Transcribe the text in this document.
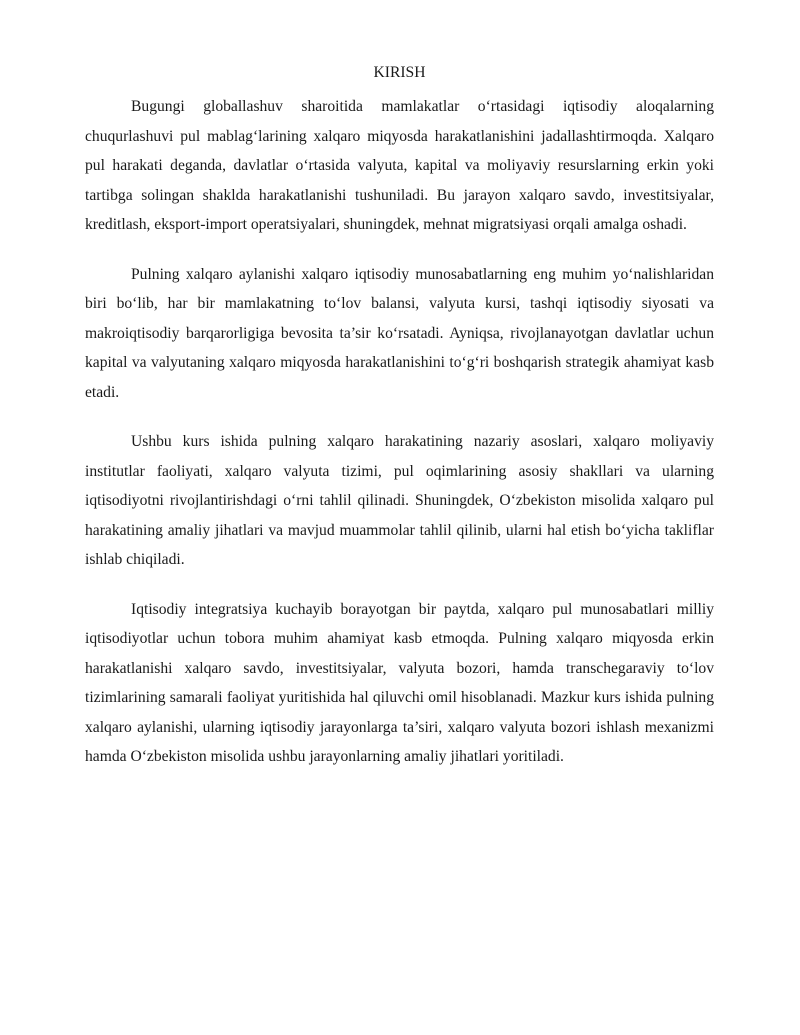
KIRISH

Bugungi globallashuv sharoitida mamlakatlar o‘rtasidagi iqtisodiy aloqalarning chuqurlashuvi pul mablag‘larining xalqaro miqyosda harakatlanishini jadallashtirmoqda. Xalqaro pul harakati deganda, davlatlar o‘rtasida valyuta, kapital va moliyaviy resurslarning erkin yoki tartibga solingan shaklda harakatlanishi tushuniladi. Bu jarayon xalqaro savdo, investitsiyalar, kreditlash, eksport-import operatsiyalari, shuningdek, mehnat migratsiyasi orqali amalga oshadi.

Pulning xalqaro aylanishi xalqaro iqtisodiy munosabatlarning eng muhim yo‘nalishlaridan biri bo‘lib, har bir mamlakatning to‘lov balansi, valyuta kursi, tashqi iqtisodiy siyosati va makroiqtisodiy barqarorligiga bevosita ta’sir ko‘rsatadi. Ayniqsa, rivojlanayotgan davlatlar uchun kapital va valyutaning xalqaro miqyosda harakatlanishini to‘g‘ri boshqarish strategik ahamiyat kasb etadi.

Ushbu kurs ishida pulning xalqaro harakatining nazariy asoslari, xalqaro moliyaviy institutlar faoliyati, xalqaro valyuta tizimi, pul oqimlarining asosiy shakllari va ularning iqtisodiyotni rivojlantirishdagi o‘rni tahlil qilinadi. Shuningdek, O‘zbekiston misolida xalqaro pul harakatining amaliy jihatlari va mavjud muammolar tahlil qilinib, ularni hal etish bo‘yicha takliflar ishlab chiqiladi.

Iqtisodiy integratsiya kuchayib borayotgan bir paytda, xalqaro pul munosabatlari milliy iqtisodiyotlar uchun tobora muhim ahamiyat kasb etmoqda. Pulning xalqaro miqyosda erkin harakatlanishi xalqaro savdo, investitsiyalar, valyuta bozori, hamda transchegaraviy to‘lov tizimlarining samarali faoliyat yuritishida hal qiluvchi omil hisoblanadi. Mazkur kurs ishida pulning xalqaro aylanishi, ularning iqtisodiy jarayonlarga ta’siri, xalqaro valyuta bozori ishlash mexanizmi hamda O‘zbekiston misolida ushbu jarayonlarning amaliy jihatlari yoritiladi.
